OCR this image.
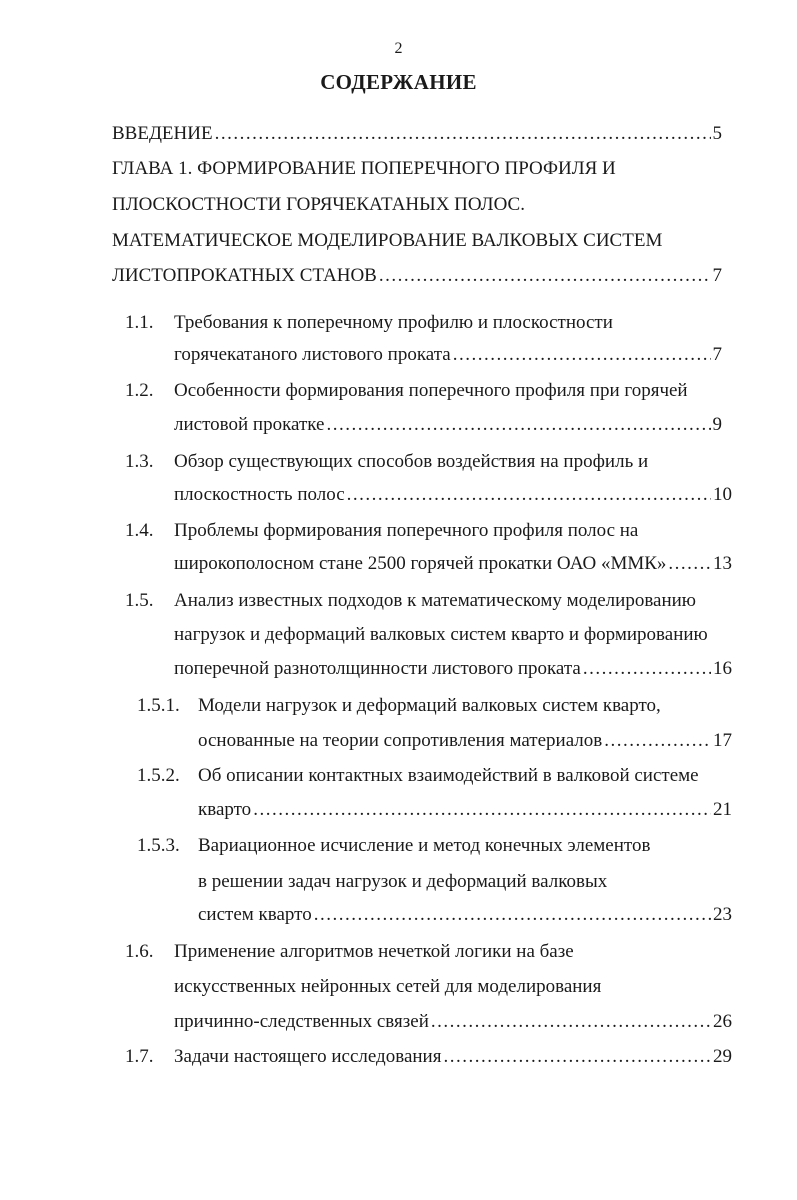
2
СОДЕРЖАНИЕ
ВВЕДЕНИЕ .....	5
ГЛАВА 1. ФОРМИРОВАНИЕ ПОПЕРЕЧНОГО ПРОФИЛЯ И
ПЛОСКОСТНОСТИ ГОРЯЧЕКАТАНЫХ ПОЛОС.
МАТЕМАТИЧЕСКОЕ МОДЕЛИРОВАНИЕ ВАЛКОВЫХ СИСТЕМ
ЛИСТОПРОКАТНЫХ СТАНОВ .....	7
1.1. Требования к поперечному профилю и плоскостности
горячекатаного листового проката .....	7
1.2. Особенности формирования поперечного профиля при горячей
листовой прокатке .....	9
1.3. Обзор существующих способов воздействия на профиль и
плоскостность полос .....	10
1.4. Проблемы формирования поперечного профиля полос на
широкополосном стане 2500 горячей прокатки ОАО «ММК» ..... 13
1.5. Анализ известных подходов к математическому моделированию
нагрузок и деформаций валковых систем кварто и формированию
поперечной разнотолщинности листового проката .....	16
1.5.1. Модели нагрузок и деформаций валковых систем кварто,
основанные на теории сопротивления материалов .....	17
1.5.2. Об описании контактных взаимодействий в валковой системе
кварто .....	21
1.5.3. Вариационное исчисление и метод конечных элементов
в решении задач нагрузок и деформаций валковых
систем кварто .....	23
1.6. Применение алгоритмов нечеткой логики на базе
искусственных нейронных сетей для моделирования
причинно-следственных связей .....	26
1.7. Задачи настоящего исследования .....	29
